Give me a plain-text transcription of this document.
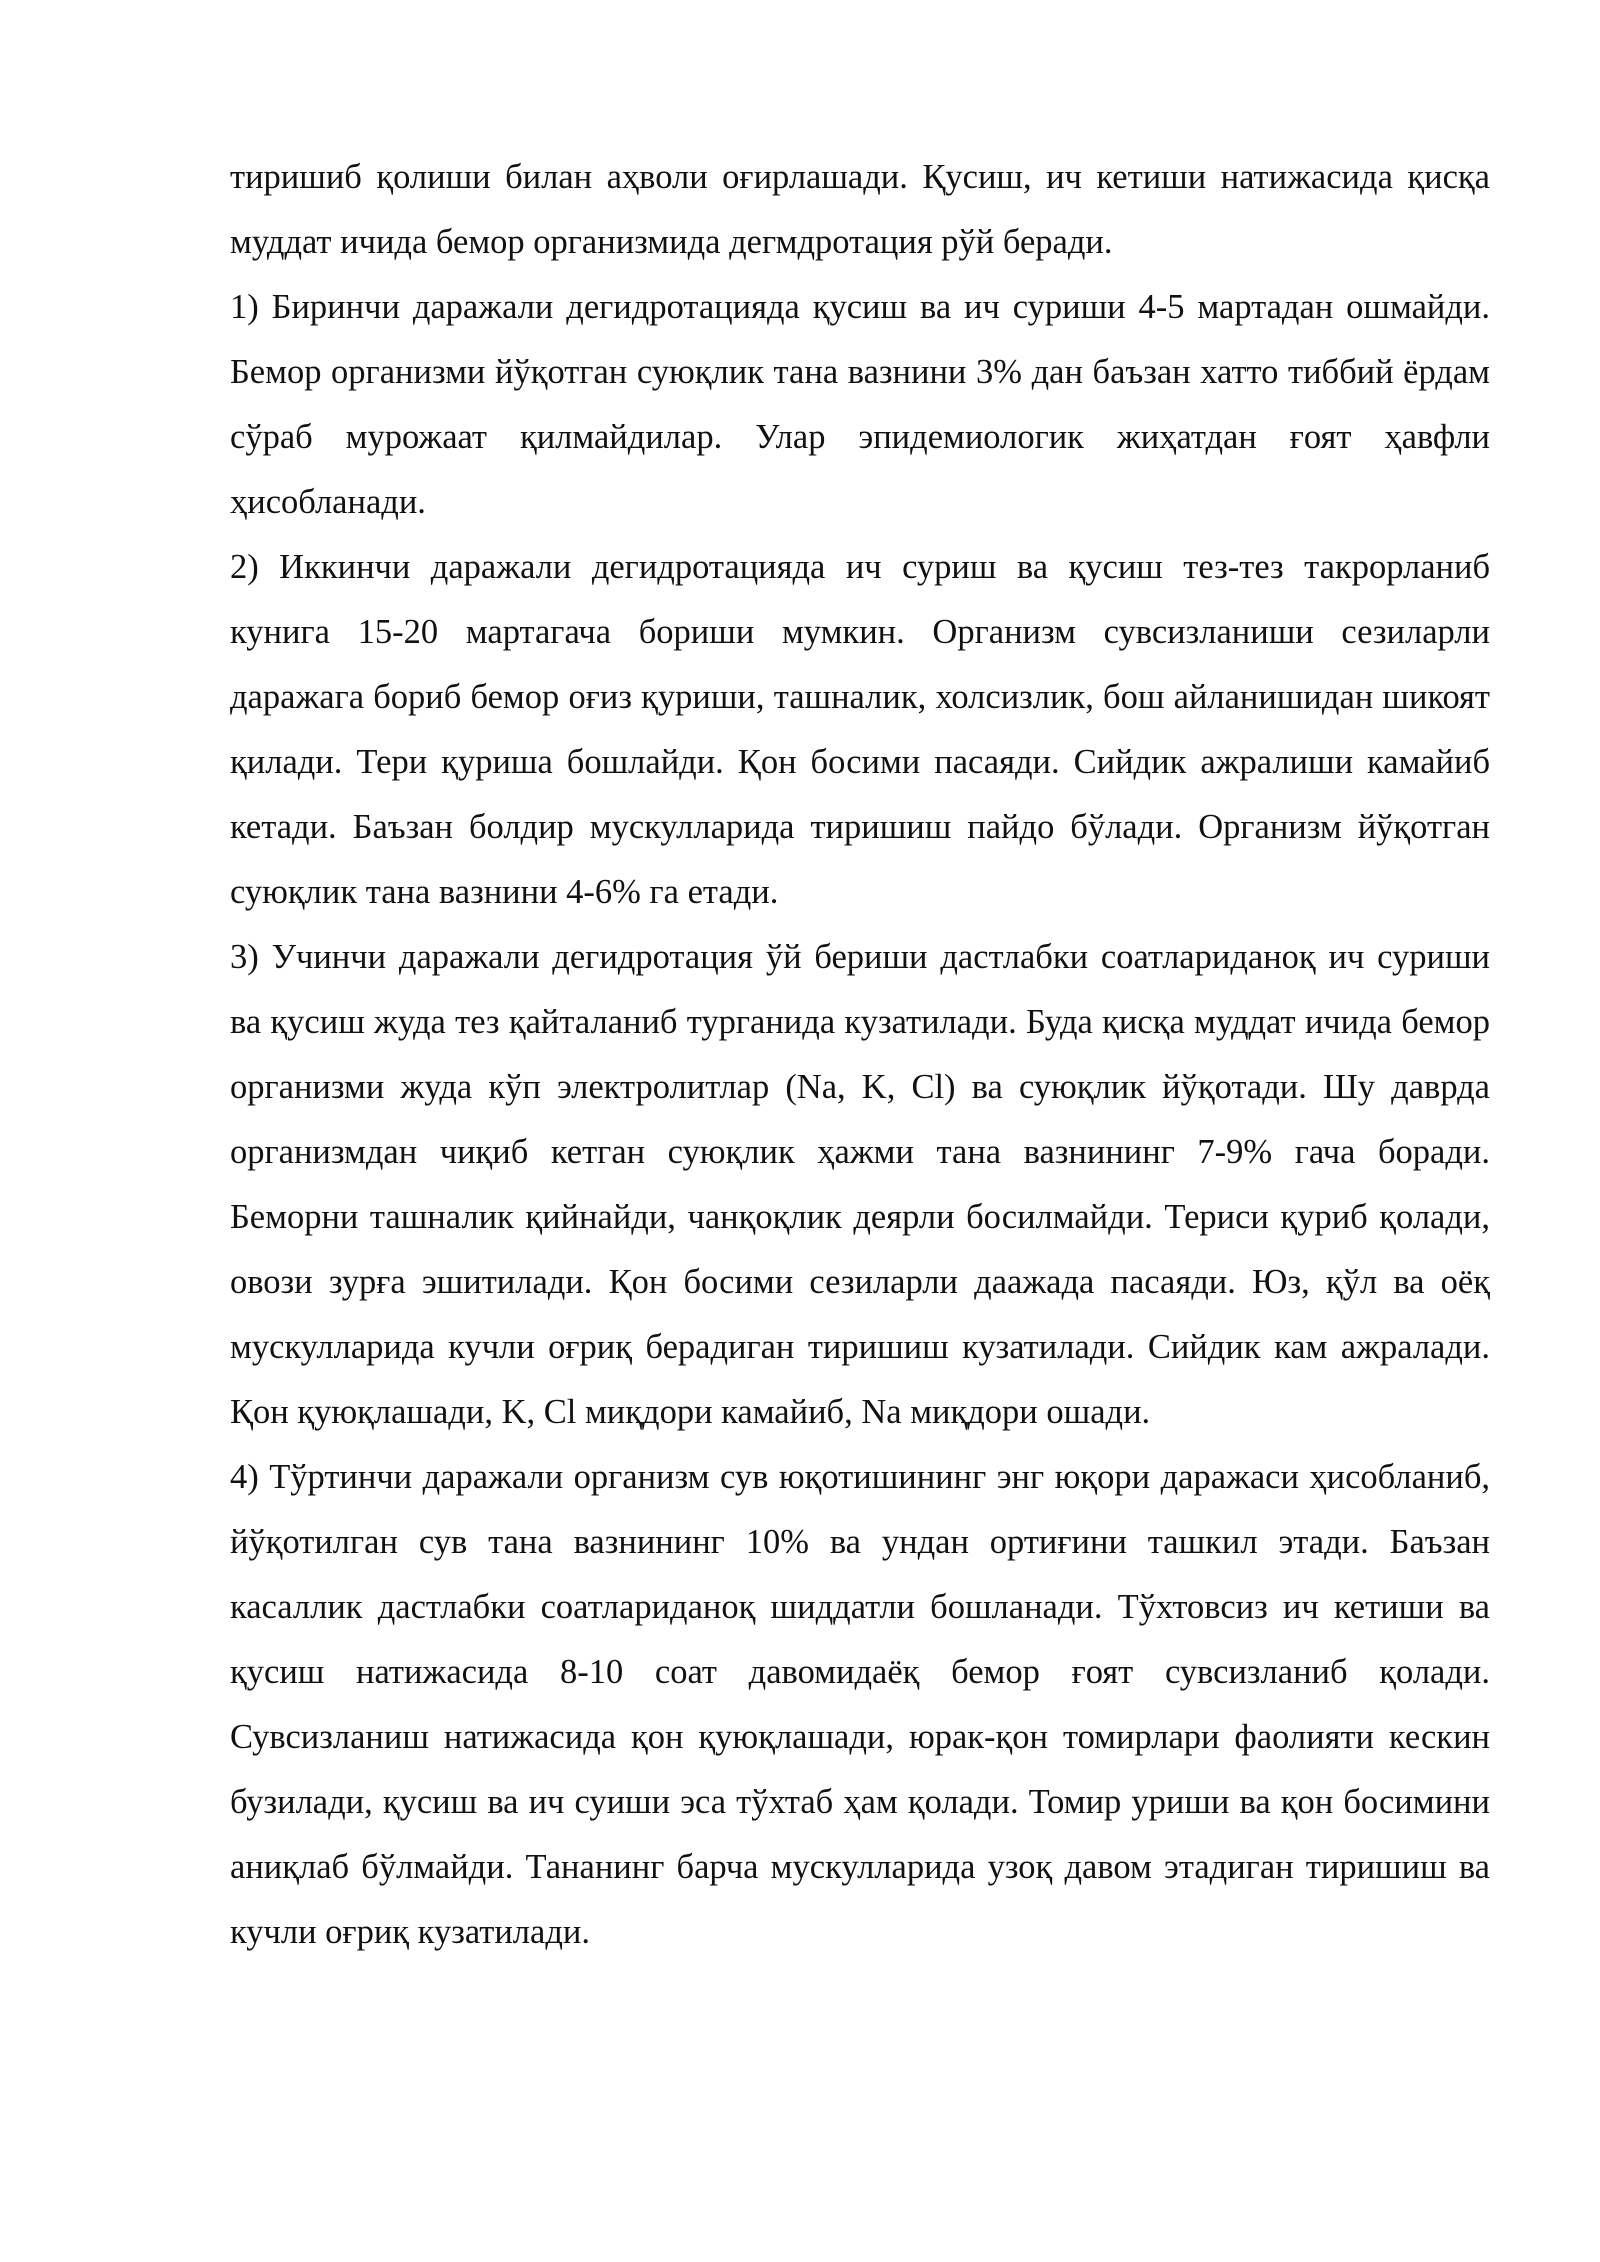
тиришиб қолиши билан аҳволи оғирлашади. Қусиш, ич кетиши натижасида қисқа муддат ичида бемор организмида дегмдротация рўй беради.

1) Биринчи даражали дегидротацияда қусиш ва ич суриши 4-5 мартадан ошмайди. Бемор организми йўқотган суюқлик тана вазнини 3% дан баъзан хатто тиббий ёрдам сўраб мурожаат қилмайдилар. Улар эпидемиологик жиҳатдан ғоят ҳавфли ҳисобланади.

2) Иккинчи даражали дегидротацияда ич суриш ва қусиш тез-тез такрорланиб кунига 15-20 мартагача бориши мумкин. Организм сувсизланиши сезиларли даражага бориб бемор оғиз қуриши, ташналик, холсизлик, бош айланишидан шикоят қилади. Тери қуриша бошлайди. Қон босими пасаяди. Сийдик ажралиши камайиб кетади. Баъзан болдир мускулларида тиришиш пайдо бўлади. Организм йўқотган суюқлик тана вазнини 4-6% га етади.

3) Учинчи даражали дегидротация ўй бериши дастлабки соатлариданоқ ич суриши ва қусиш жуда тез қайталаниб турганида кузатилади. Буда қисқа муддат ичида бемор организми жуда кўп электролитлар (Na, K, Cl) ва суюқлик йўқотади. Шу даврда организмдан чиқиб кетган суюқлик ҳажми тана вазнининг 7-9% гача боради. Беморни ташналик қийнайди, чанқоқлик деярли босилмайди. Териси қуриб қолади, овози зурға эшитилади. Қон босими сезиларли даажада пасаяди. Юз, қўл ва оёқ мускулларида кучли оғриқ берадиган тиришиш кузатилади. Сийдик кам ажралади. Қон қуюқлашади, K, Cl миқдори камайиб, Na миқдори ошади.

4) Тўртинчи даражали организм сув юқотишининг энг юқори даражаси ҳисобланиб, йўқотилган сув тана вазнининг 10% ва ундан ортиғини ташкил этади. Баъзан касаллик дастлабки соатлариданоқ шиддатли бошланади. Тўхтовсиз ич кетиши ва қусиш натижасида 8-10 соат давомидаёқ бемор ғоят сувсизланиб қолади. Сувсизланиш натижасида қон қуюқлашади, юрак-қон томирлари фаолияти кескин бузилади, қусиш ва ич суиши эса тўхтаб ҳам қолади. Томир уриши ва қон босимини аниқлаб бўлмайди. Тананинг барча мускулларида узоқ давом этадиган тиришиш ва кучли оғриқ кузатилади.
